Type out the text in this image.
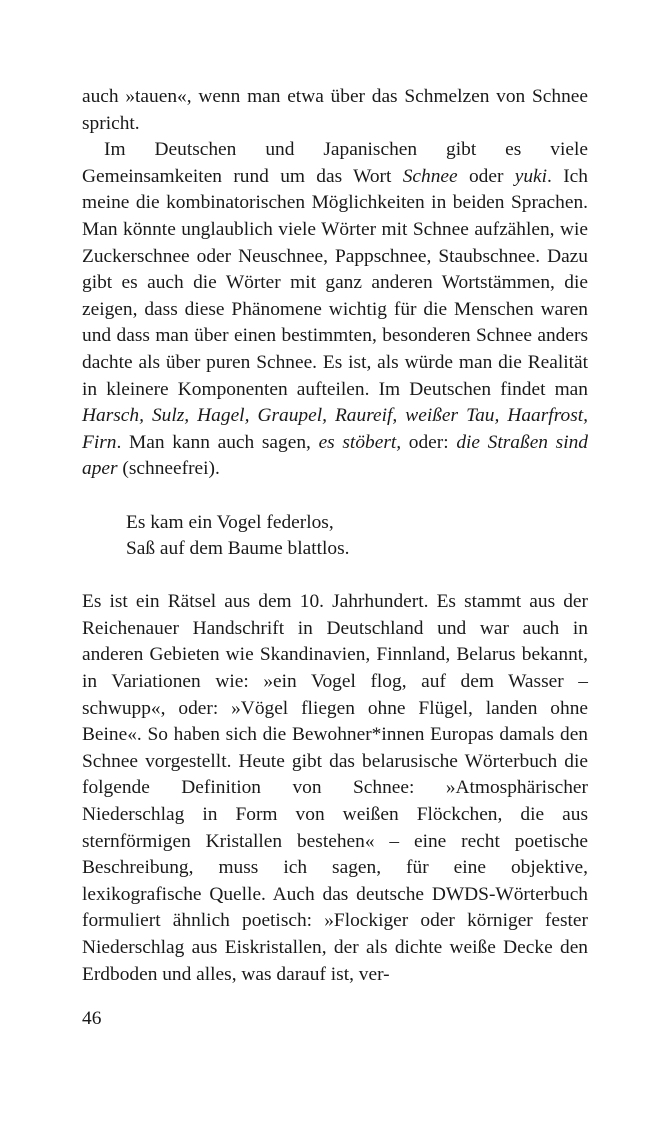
auch »tauen«, wenn man etwa über das Schmelzen von Schnee spricht.

Im Deutschen und Japanischen gibt es viele Gemeinsamkeiten rund um das Wort Schnee oder yuki. Ich meine die kombinatorischen Möglichkeiten in beiden Sprachen. Man könnte unglaublich viele Wörter mit Schnee aufzählen, wie Zuckerschnee oder Neuschnee, Pappschnee, Staubschnee. Dazu gibt es auch die Wörter mit ganz anderen Wortstämmen, die zeigen, dass diese Phänomene wichtig für die Menschen waren und dass man über einen bestimmten, besonderen Schnee anders dachte als über puren Schnee. Es ist, als würde man die Realität in kleinere Komponenten aufteilen. Im Deutschen findet man Harsch, Sulz, Hagel, Graupel, Raureif, weißer Tau, Haarfrost, Firn. Man kann auch sagen, es stöbert, oder: die Straßen sind aper (schneefrei).

Es kam ein Vogel federlos,
Saß auf dem Baume blattlos.

Es ist ein Rätsel aus dem 10. Jahrhundert. Es stammt aus der Reichenauer Handschrift in Deutschland und war auch in anderen Gebieten wie Skandinavien, Finnland, Belarus bekannt, in Variationen wie: »ein Vogel flog, auf dem Wasser – schwupp«, oder: »Vögel fliegen ohne Flügel, landen ohne Beine«. So haben sich die Bewohner*innen Europas damals den Schnee vorgestellt. Heute gibt das belarusische Wörterbuch die folgende Definition von Schnee: »Atmosphärischer Niederschlag in Form von weißen Flöckchen, die aus sternförmigen Kristallen bestehen« – eine recht poetische Beschreibung, muss ich sagen, für eine objektive, lexikografische Quelle. Auch das deutsche DWDS-Wörterbuch formuliert ähnlich poetisch: »Flockiger oder körniger fester Niederschlag aus Eiskristallen, der als dichte weiße Decke den Erdboden und alles, was darauf ist, ver-

46
